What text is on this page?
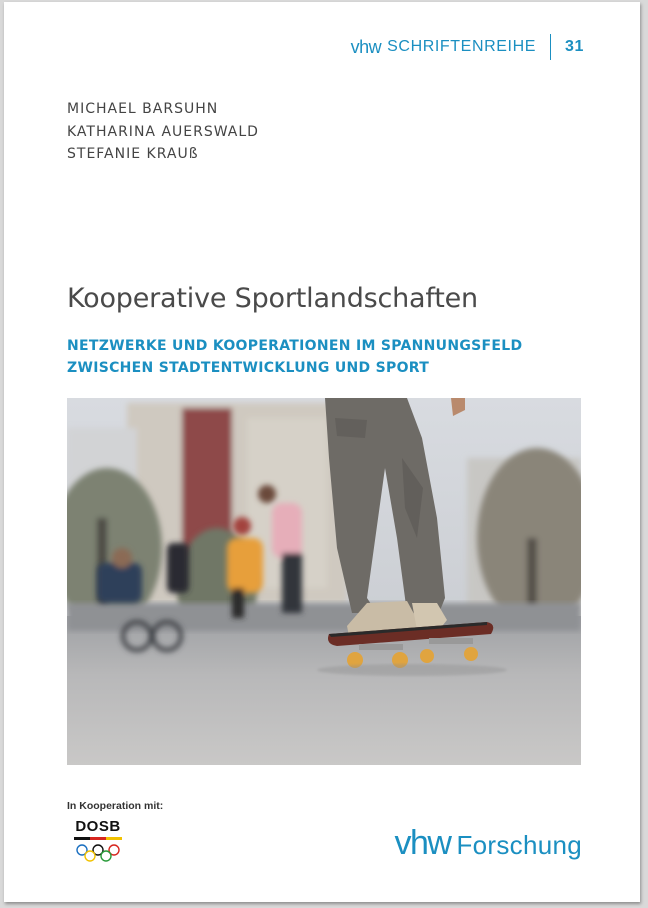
vhw SCHRIFTENREIHE 31
MICHAEL BARSUHN
KATHARINA AUERSWALD
STEFANIE KRAUß
Kooperative Sportlandschaften
NETZWERKE UND KOOPERATIONEN IM SPANNUNGSFELD
ZWISCHEN STADTENTWICKLUNG UND SPORT
In Kooperation mit:
DOSB	vhw Forschung
